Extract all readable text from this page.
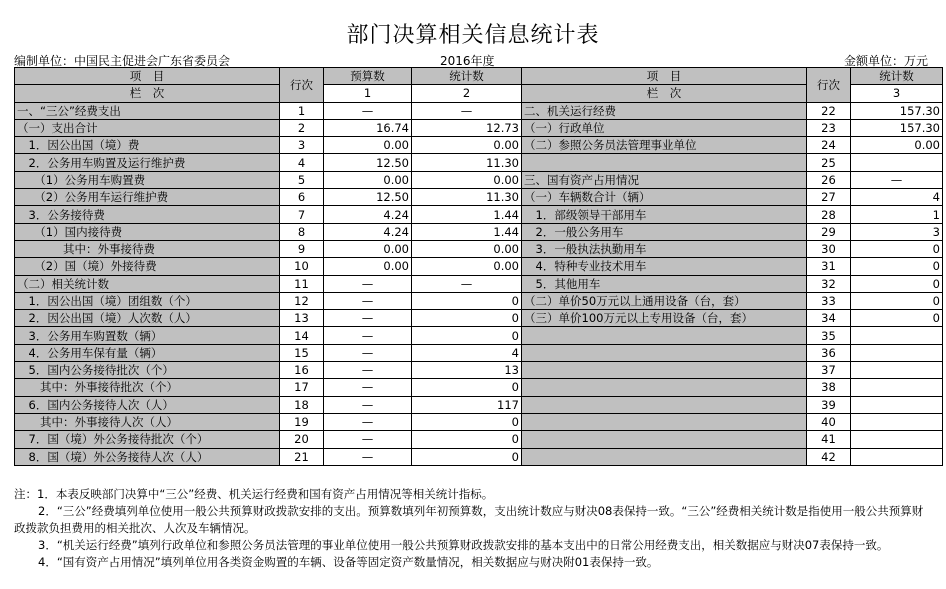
部门决算相关信息统计表
编制单位：中国民主促进会广东省委员会	2016年度	金额单位：万元
项　目	行次	预算数	统计数	项　目	行次	统计数
栏　次		1	2	栏　次		3
一、“三公”经费支出	1	—	—	二、机关运行经费	22	157.30
（一）支出合计	2	16.74	12.73	（一）行政单位	23	157.30
　1．因公出国（境）费	3	0.00	0.00	（二）参照公务员法管理事业单位	24	0.00
　2．公务用车购置及运行维护费	4	12.50	11.30		25	
　　（1）公务用车购置费	5	0.00	0.00	三、国有资产占用情况	26	—
　　（2）公务用车运行维护费	6	12.50	11.30	（一）车辆数合计（辆）	27	4
　3．公务接待费	7	4.24	1.44	　1．部级领导干部用车	28	1
　　（1）国内接待费	8	4.24	1.44	　2．一般公务用车	29	3
　　　　其中：外事接待费	9	0.00	0.00	　3．一般执法执勤用车	30	0
　　（2）国（境）外接待费	10	0.00	0.00	　4．特种专业技术用车	31	0
（二）相关统计数	11	—	—	　5．其他用车	32	0
　1．因公出国（境）团组数（个）	12	—	0	（二）单价50万元以上通用设备（台，套）	33	0
　2．因公出国（境）人次数（人）	13	—	0	（三）单价100万元以上专用设备（台，套）	34	0
　3．公务用车购置数（辆）	14	—	0		35	
　4．公务用车保有量（辆）	15	—	4		36	
　5．国内公务接待批次（个）	16	—	13		37	
　　其中：外事接待批次（个）	17	—	0		38	
　6．国内公务接待人次（人）	18	—	117		39	
　　其中：外事接待人次（人）	19	—	0		40	
　7．国（境）外公务接待批次（个）	20	—	0		41	
　8．国（境）外公务接待人次（人）	21	—	0		42	

注：1．本表反映部门决算中“三公”经费、机关运行经费和国有资产占用情况等相关统计指标。

2．“三公”经费填列单位使用一般公共预算财政拨款安排的支出。预算数填列年初预算数，支出统计数应与财决08表保持一致。“三公”经费相关统计数是指使用一般公共预算财政拨款负担费用的相关批次、人次及车辆情况。

3．“机关运行经费”填列行政单位和参照公务员法管理的事业单位使用一般公共预算财政拨款安排的基本支出中的日常公用经费支出，相关数据应与财决07表保持一致。

4．“国有资产占用情况”填列单位用各类资金购置的车辆、设备等固定资产数量情况，相关数据应与财决附01表保持一致。
